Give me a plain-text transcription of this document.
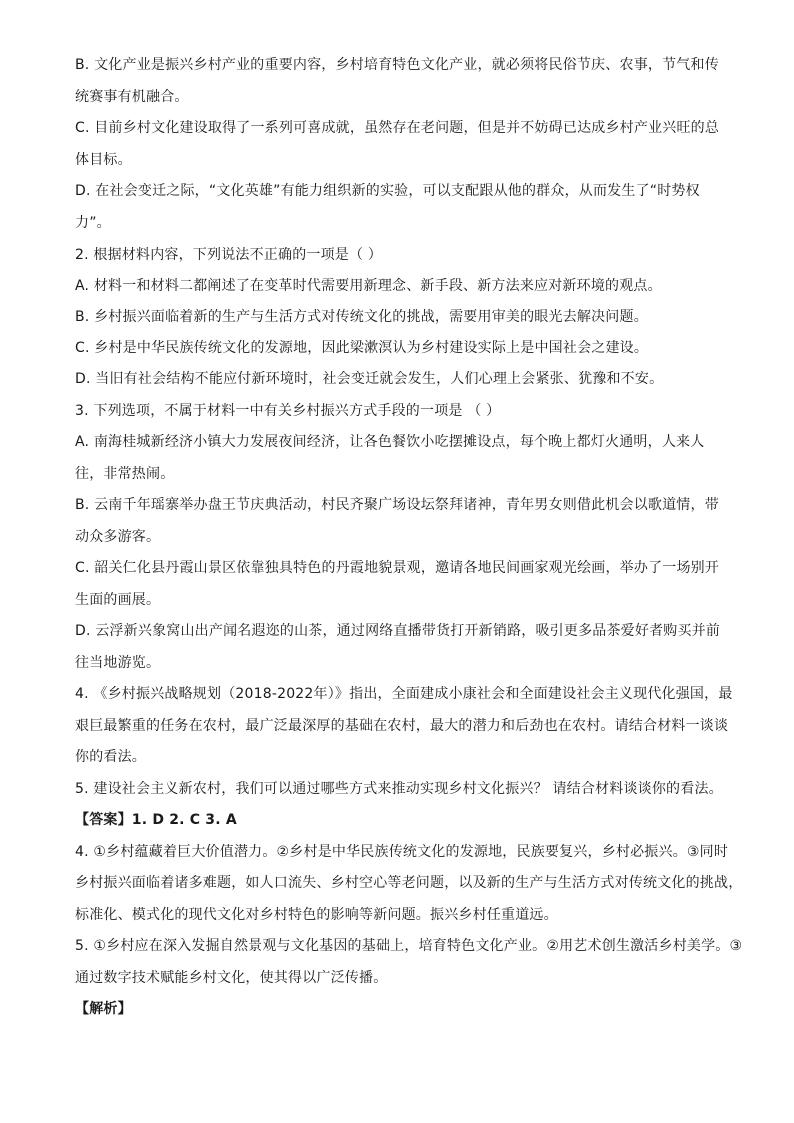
B. 文化产业是振兴乡村产业的重要内容，乡村培育特色文化产业，就必须将民俗节庆、农事，节气和传
统赛事有机融合。
C. 目前乡村文化建设取得了一系列可喜成就，虽然存在老问题，但是并不妨碍已达成乡村产业兴旺的总
体目标。
D. 在社会变迁之际，“文化英雄”有能力组织新的实验，可以支配跟从他的群众，从而发生了“时势权
力”。
2. 根据材料内容，下列说法不正确的一项是（ ）
A. 材料一和材料二都阐述了在变革时代需要用新理念、新手段、新方法来应对新环境的观点。
B. 乡村振兴面临着新的生产与生活方式对传统文化的挑战，需要用审美的眼光去解决问题。
C. 乡村是中华民族传统文化的发源地，因此梁漱溟认为乡村建设实际上是中国社会之建设。
D. 当旧有社会结构不能应付新环境时，社会变迁就会发生，人们心理上会紧张、犹豫和不安。
3. 下列选项，不属于材料一中有关乡村振兴方式手段的一项是 （ ）
A. 南海桂城新经济小镇大力发展夜间经济，让各色餐饮小吃摆摊设点，每个晚上都灯火通明，人来人
往，非常热闹。
B. 云南千年瑶寨举办盘王节庆典活动，村民齐聚广场设坛祭拜诸神，青年男女则借此机会以歌道情，带
动众多游客。
C. 韶关仁化县丹霞山景区依靠独具特色的丹霞地貌景观，邀请各地民间画家观光绘画，举办了一场别开
生面的画展。
D. 云浮新兴象窝山出产闻名遐迩的山茶，通过网络直播带货打开新销路，吸引更多品茶爱好者购买并前
往当地游览。
4. 《乡村振兴战略规划（2018-2022年）》指出，全面建成小康社会和全面建设社会主义现代化强国，最
艰巨最繁重的任务在农村，最广泛最深厚的基础在农村，最大的潜力和后劲也在农村。请结合材料一谈谈
你的看法。
5. 建设社会主义新农村，我们可以通过哪些方式来推动实现乡村文化振兴？ 请结合材料谈谈你的看法。
【答案】1. D 2. C 3. A
4. ①乡村蕴藏着巨大价值潜力。②乡村是中华民族传统文化的发源地，民族要复兴，乡村必振兴。③同时
乡村振兴面临着诸多难题，如人口流失、乡村空心等老问题，以及新的生产与生活方式对传统文化的挑战，
标准化、模式化的现代文化对乡村特色的影响等新问题。振兴乡村任重道远。
5. ①乡村应在深入发掘自然景观与文化基因的基础上，培育特色文化产业。②用艺术创生激活乡村美学。③
通过数字技术赋能乡村文化，使其得以广泛传播。
【解析】
